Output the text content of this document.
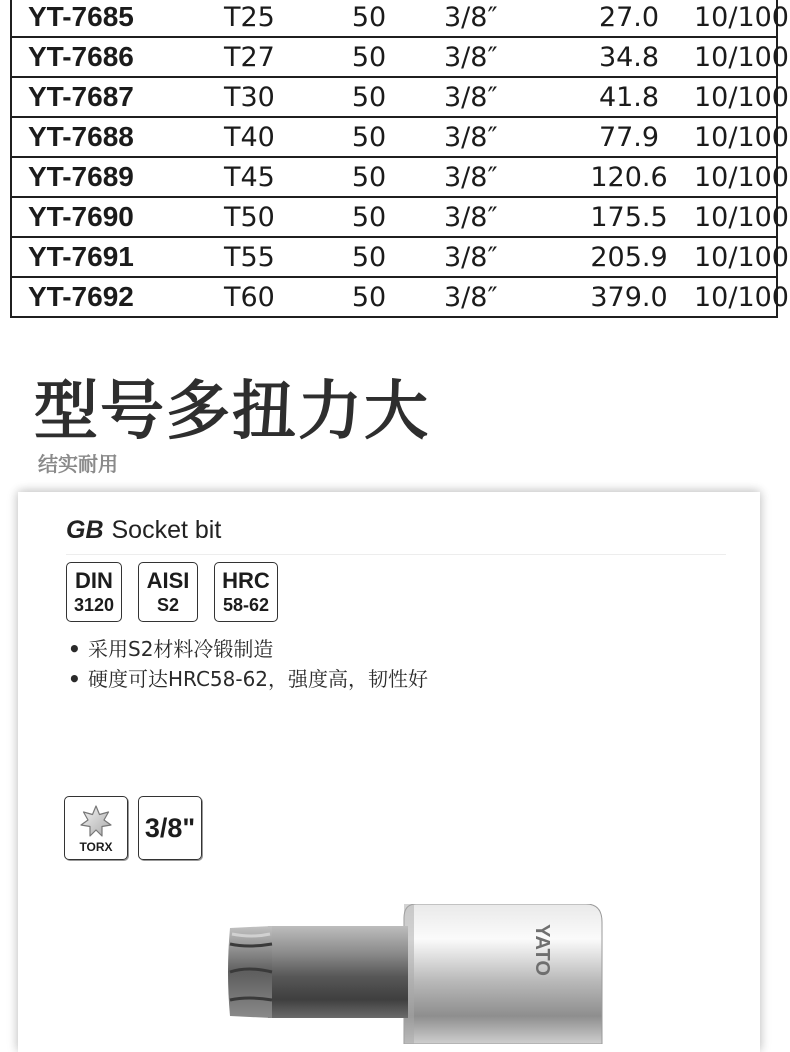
YT-7685	T25	50	3/8″	27.0	10/100
YT-7686	T27	50	3/8″	34.8	10/100
YT-7687	T30	50	3/8″	41.8	10/100
YT-7688	T40	50	3/8″	77.9	10/100
YT-7689	T45	50	3/8″	120.6	10/100
YT-7690	T50	50	3/8″	175.5	10/100
YT-7691	T55	50	3/8″	205.9	10/100
YT-7692	T60	50	3/8″	379.0	10/100
型号多扭力大

结实耐用

GB Socket bit
DIN
3120
AISI
S2
HRC
58-62
• 采用S2材料冷锻制造
• 硬度可达HRC58-62，强度高，韧性好
TORX
3/8"
YATO
